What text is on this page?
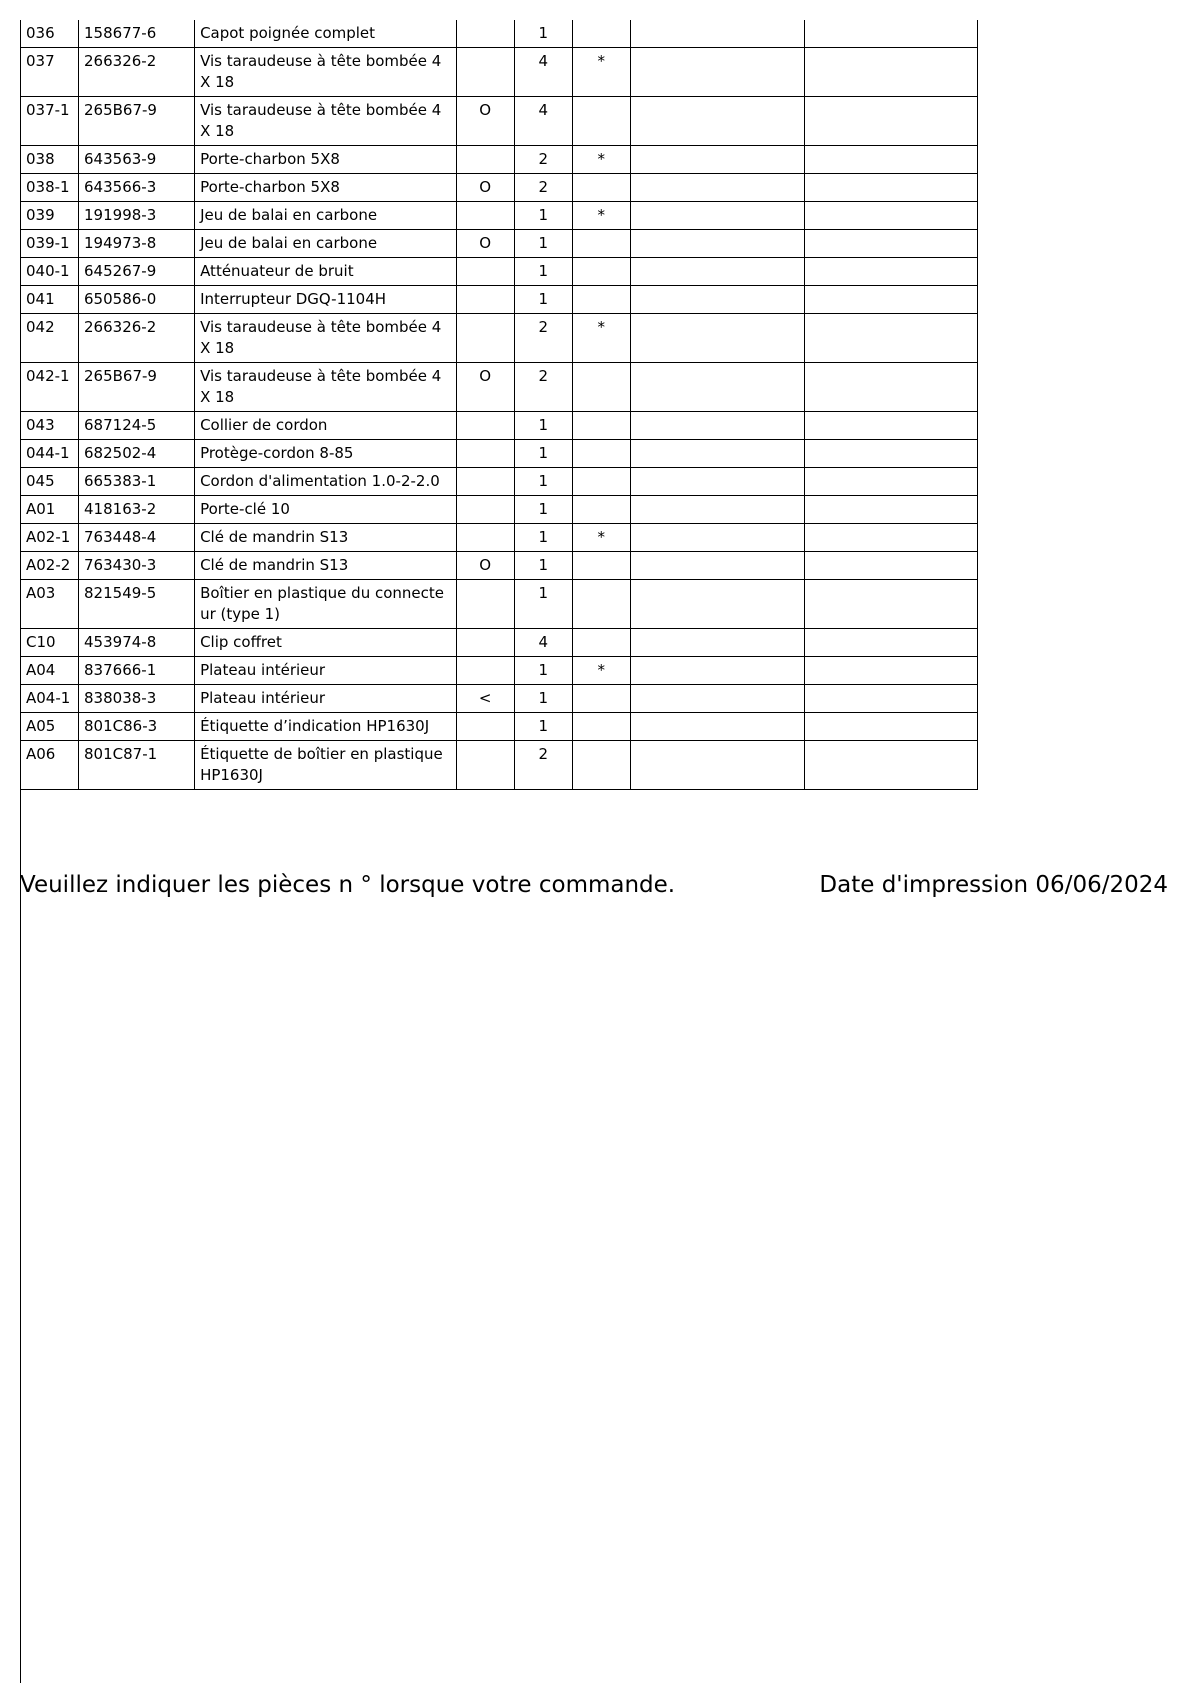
036	158677-6	Capot poignée complet		1			
037	266326-2	Vis taraudeuse à tête bombée 4X 18		4	*		
037-1	265B67-9	Vis taraudeuse à tête bombée 4X 18	O	4			
038	643563-9	Porte-charbon 5X8		2	*		
038-1	643566-3	Porte-charbon 5X8	O	2			
039	191998-3	Jeu de balai en carbone		1	*		
039-1	194973-8	Jeu de balai en carbone	O	1			
040-1	645267-9	Atténuateur de bruit		1			
041	650586-0	Interrupteur DGQ-1104H		1			
042	266326-2	Vis taraudeuse à tête bombée 4X 18		2	*		
042-1	265B67-9	Vis taraudeuse à tête bombée 4X 18	O	2			
043	687124-5	Collier de cordon		1			
044-1	682502-4	Protège-cordon 8-85		1			
045	665383-1	Cordon d'alimentation 1.0-2-2.0		1			
A01	418163-2	Porte-clé 10		1			
A02-1	763448-4	Clé de mandrin S13		1	*		
A02-2	763430-3	Clé de mandrin S13	O	1			
A03	821549-5	Boîtier en plastique du connecteur (type 1)		1			
C10	453974-8	Clip coffret		4			
A04	837666-1	Plateau intérieur		1	*		
A04-1	838038-3	Plateau intérieur	<	1			
A05	801C86-3	Étiquette d’indication HP1630J		1			
A06	801C87-1	Étiquette de boîtier en plastique HP1630J		2			
Veuillez indiquer les pièces n ° lorsque votre commande.	Date d'impression 06/06/2024
